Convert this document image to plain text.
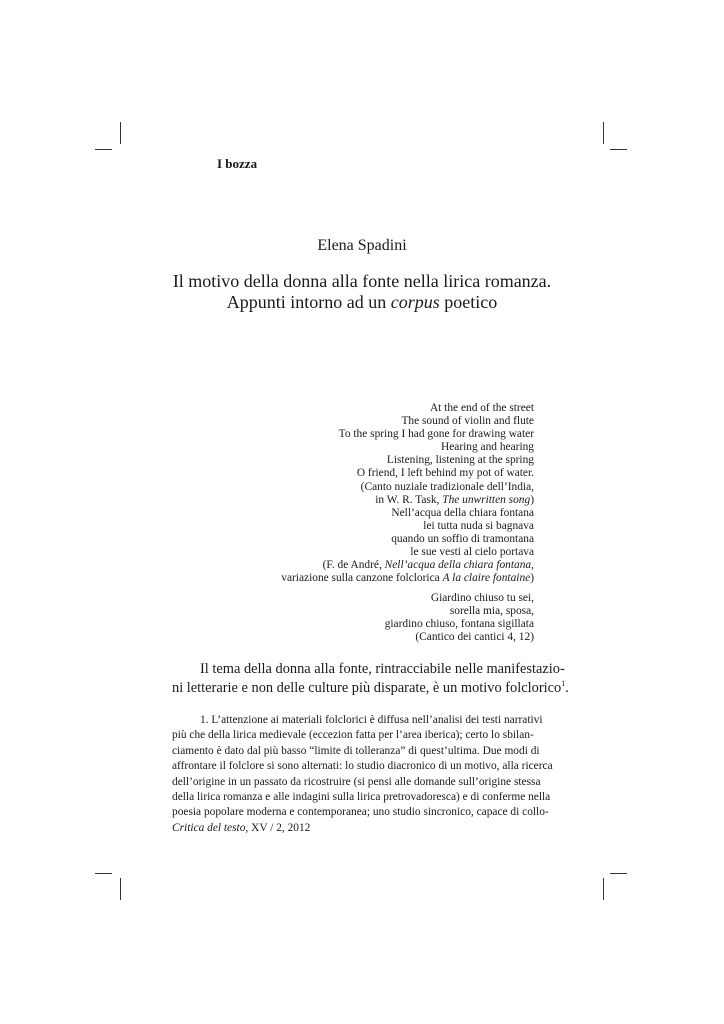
I bozza
Elena Spadini
Il motivo della donna alla fonte nella lirica romanza.
Appunti intorno ad un corpus poetico
At the end of the street
The sound of violin and flute
To the spring I had gone for drawing water
Hearing and hearing
Listening, listening at the spring
O friend, I left behind my pot of water.
(Canto nuziale tradizionale dell’India,
in W. R. Task, The unwritten song)
Nell’acqua della chiara fontana
lei tutta nuda si bagnava
quando un soffio di tramontana
le sue vesti al cielo portava
(F. de André, Nell’acqua della chiara fontana,
variazione sulla canzone folclorica A la claire fontaine)
Giardino chiuso tu sei,
sorella mia, sposa,
giardino chiuso, fontana sigillata
(Cantico dei cantici 4, 12)
Il tema della donna alla fonte, rintracciabile nelle manifestazio-
ni letterarie e non delle culture più disparate, è un motivo folclorico$^1$.
1. L’attenzione ai materiali folclorici è diffusa nell’analisi dei testi narrativi
più che della lirica medievale (eccezion fatta per l’area iberica); certo lo sbilan-
ciamento è dato dal più basso “limite di tolleranza” di quest’ultima. Due modi di
affrontare il folclore si sono alternati: lo studio diacronico di un motivo, alla ricerca
dell’origine in un passato da ricostruire (si pensi alle domande sull’origine stessa
della lirica romanza e alle indagini sulla lirica pretrovadoresca) e di conferme nella
poesia popolare moderna e contemporanea; uno studio sincronico, capace di collo-
Critica del testo, XV / 2, 2012
